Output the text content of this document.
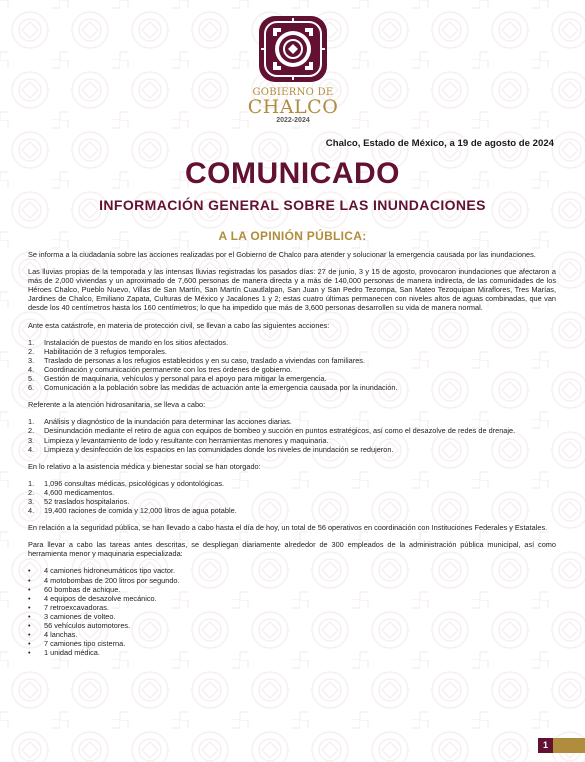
GOBIERNO DE
CHALCO
2022-2024
Chalco, Estado de México, a 19 de agosto de 2024
COMUNICADO
INFORMACIÓN GENERAL SOBRE LAS INUNDACIONES
A LA OPINIÓN PÚBLICA:

Se informa a la ciudadanía sobre las acciones realizadas por el Gobierno de Chalco para atender y solucionar la emergencia causada por las inundaciones.

Las lluvias propias de la temporada y las intensas lluvias registradas los pasados días: 27 de junio, 3 y 15 de agosto, provocaron inundaciones que afectaron a más de 2,000 viviendas y un aproximado de 7,600 personas de manera directa y a más de 140,000 personas de manera indirecta, de las comunidades de los Héroes Chalco, Pueblo Nuevo, Villas de San Martín, San Martín Cuautlalpan, San Juan y San Pedro Tezompa, San Mateo Tezoquipan Miraflores, Tres Marías, Jardines de Chalco, Emiliano Zapata, Culturas de México y Jacalones 1 y 2; estas cuatro últimas permanecen con niveles altos de aguas combinadas, que van desde los 40 centímetros hasta los 160 centímetros; lo que ha impedido que más de 3,600 personas desarrollen su vida de manera normal.

Ante esta catástrofe, en materia de protección civil, se llevan a cabo las siguientes acciones:

1. Instalación de puestos de mando en los sitios afectados.
2. Habilitación de 3 refugios temporales.
3. Traslado de personas a los refugios establecidos y en su caso, traslado a viviendas con familiares.
4. Coordinación y comunicación permanente con los tres órdenes de gobierno.
5. Gestión de maquinaria, vehículos y personal para el apoyo para mitigar la emergencia.
6. Comunicación a la población sobre las medidas de actuación ante la emergencia causada por la inundación.

Referente a la atención hidrosanitaria, se lleva a cabo:

1. Análisis y diagnóstico de la inundación para determinar las acciones diarias.
2. Desinundación mediante el retiro de agua con equipos de bombeo y succión en puntos estratégicos, así como el desazolve de redes de drenaje.
3. Limpieza y levantamiento de lodo y resultante con herramientas menores y maquinaria.
4. Limpieza y desinfección de los espacios en las comunidades donde los niveles de inundación se redujeron.

En lo relativo a la asistencia médica y bienestar social se han otorgado:

1. 1,096 consultas médicas, psicológicas y odontológicas.
2. 4,600 medicamentos.
3. 52 traslados hospitalarios.
4. 19,400 raciones de comida y 12,000 litros de agua potable.

En relación a la seguridad pública, se han llevado a cabo hasta el día de hoy, un total de 56 operativos en coordinación con Instituciones Federales y Estatales.

Para llevar a cabo las tareas antes descritas, se despliegan diariamente alrededor de 300 empleados de la administración pública municipal, así como herramienta menor y maquinaria especializada:

• 4 camiones hidroneumáticos tipo vactor.
• 4 motobombas de 200 litros por segundo.
• 60 bombas de achique.
• 4 equipos de desazolve mecánico.
• 7 retroexcavadoras.
• 3 camiones de volteo.
• 56 vehículos automotores.
• 4 lanchas.
• 7 camiones tipo cisterna.
• 1 unidad médica.
1
